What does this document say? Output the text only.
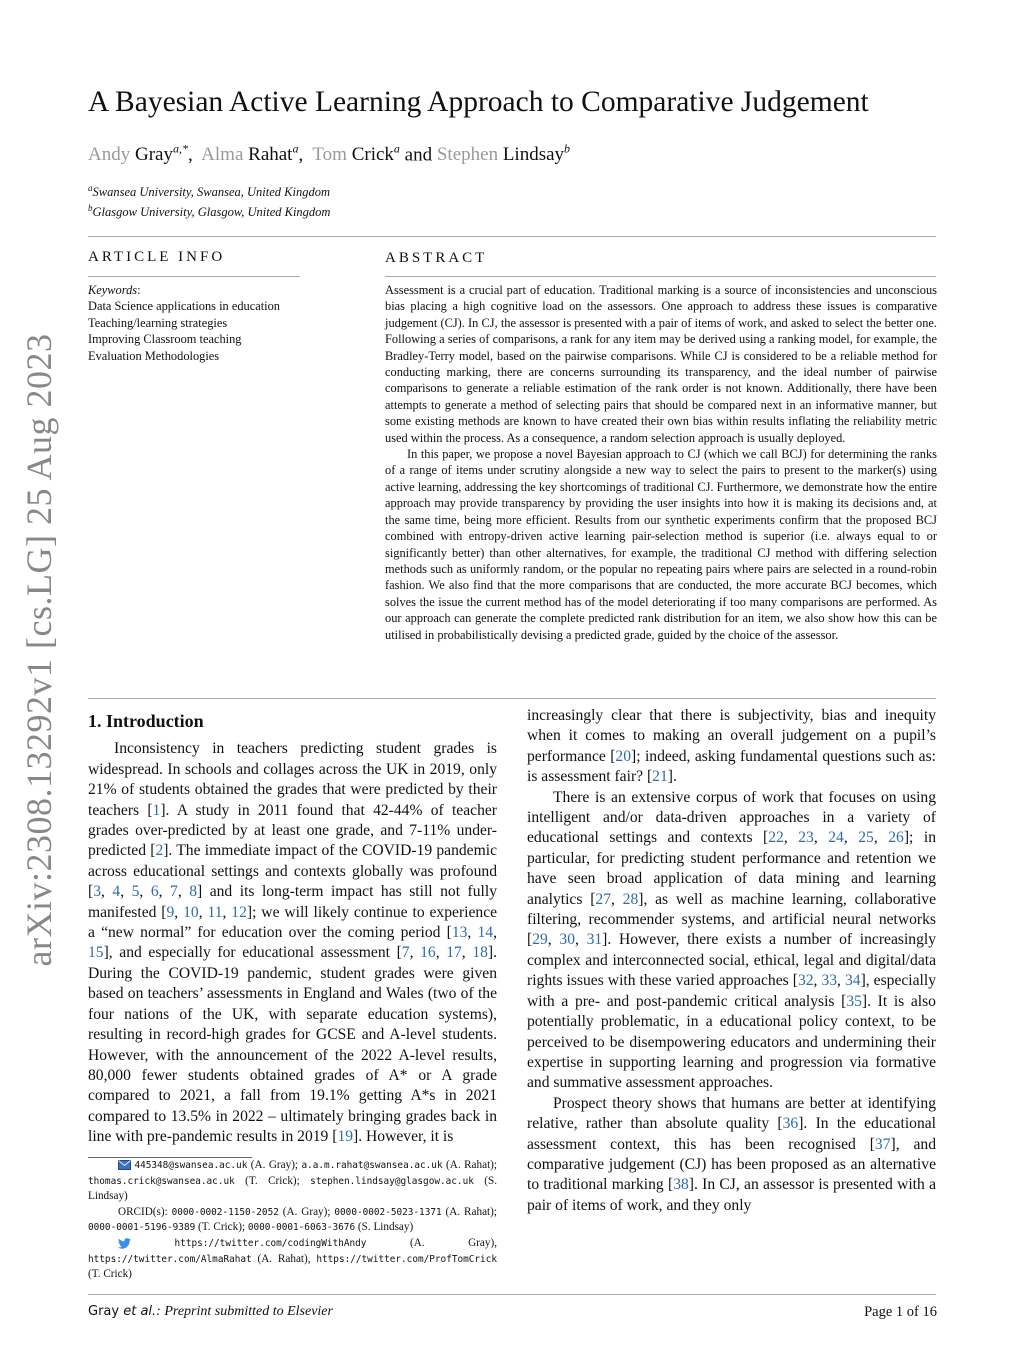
arXiv:2308.13292v1 [cs.LG] 25 Aug 2023
A Bayesian Active Learning Approach to Comparative Judgement
Andy Gray$^{a,*}$,  Alma Rahat$^a$,  Tom Crick$^a$ and Stephen Lindsay$^b$
$^a$Swansea University, Swansea, United Kingdom
$^b$Glasgow University, Glasgow, United Kingdom
ARTICLE INFO	ABSTRACT
Keywords:
Data Science applications in education
Teaching/learning strategies
Improving Classroom teaching
Evaluation Methodologies

Assessment is a crucial part of education. Traditional marking is a source of inconsistencies and unconscious bias placing a high cognitive load on the assessors. One approach to address these issues is comparative judgement (CJ). In CJ, the assessor is presented with a pair of items of work, and asked to select the better one. Following a series of comparisons, a rank for any item may be derived using a ranking model, for example, the Bradley-Terry model, based on the pairwise comparisons. While CJ is considered to be a reliable method for conducting marking, there are concerns surrounding its transparency, and the ideal number of pairwise comparisons to generate a reliable estimation of the rank order is not known. Additionally, there have been attempts to generate a method of selecting pairs that should be compared next in an informative manner, but some existing methods are known to have created their own bias within results inflating the reliability metric used within the process. As a consequence, a random selection approach is usually deployed.

In this paper, we propose a novel Bayesian approach to CJ (which we call BCJ) for determining the ranks of a range of items under scrutiny alongside a new way to select the pairs to present to the marker(s) using active learning, addressing the key shortcomings of traditional CJ. Furthermore, we demonstrate how the entire approach may provide transparency by providing the user insights into how it is making its decisions and, at the same time, being more efficient. Results from our synthetic experiments confirm that the proposed BCJ combined with entropy-driven active learning pair-selection method is superior (i.e. always equal to or significantly better) than other alternatives, for example, the traditional CJ method with differing selection methods such as uniformly random, or the popular no repeating pairs where pairs are selected in a round-robin fashion. We also find that the more comparisons that are conducted, the more accurate BCJ becomes, which solves the issue the current method has of the model deteriorating if too many comparisons are performed. As our approach can generate the complete predicted rank distribution for an item, we also show how this can be utilised in probabilistically devising a predicted grade, guided by the choice of the assessor.

1. Introduction

Inconsistency in teachers predicting student grades is widespread. In schools and collages across the UK in 2019, only 21% of students obtained the grades that were predicted by their teachers [1]. A study in 2011 found that 42-44% of teacher grades over-predicted by at least one grade, and 7-11% under-predicted [2]. The immediate impact of the COVID-19 pandemic across educational settings and contexts globally was profound [3, 4, 5, 6, 7, 8] and its long-term impact has still not fully manifested [9, 10, 11, 12]; we will likely continue to experience a “new normal” for education over the coming period [13, 14, 15], and especially for educational assessment [7, 16, 17, 18]. During the COVID-19 pandemic, student grades were given based on teachers’ assessments in England and Wales (two of the four nations of the UK, with separate education systems), resulting in record-high grades for GCSE and A-level students. However, with the announcement of the 2022 A-level results, 80,000 fewer students obtained grades of A* or A grade compared to 2021, a fall from 19.1% getting A*s in 2021 compared to 13.5% in 2022 – ultimately bringing grades back in line with pre-pandemic results in 2019 [19]. However, it is

445348@swansea.ac.uk (A. Gray); a.a.m.rahat@swansea.ac.uk (A. Rahat); thomas.crick@swansea.ac.uk (T. Crick); stephen.lindsay@glasgow.ac.uk (S. Lindsay)

ORCID(s): 0000-0002-1150-2052 (A. Gray); 0000-0002-5023-1371 (A. Rahat); 0000-0001-5196-9389 (T. Crick); 0000-0001-6063-3676 (S. Lindsay)

https://twitter.com/codingWithAndy (A. Gray), https://twitter.com/AlmaRahat (A. Rahat), https://twitter.com/ProfTomCrick (T. Crick)

increasingly clear that there is subjectivity, bias and inequity when it comes to making an overall judgement on a pupil’s performance [20]; indeed, asking fundamental questions such as: is assessment fair? [21].

There is an extensive corpus of work that focuses on using intelligent and/or data-driven approaches in a variety of educational settings and contexts [22, 23, 24, 25, 26]; in particular, for predicting student performance and retention we have seen broad application of data mining and learning analytics [27, 28], as well as machine learning, collaborative filtering, recommender systems, and artificial neural networks [29, 30, 31]. However, there exists a number of increasingly complex and interconnected social, ethical, legal and digital/data rights issues with these varied approaches [32, 33, 34], especially with a pre- and post-pandemic critical analysis [35]. It is also potentially problematic, in a educational policy context, to be perceived to be disempowering educators and undermining their expertise in supporting learning and progression via formative and summative assessment approaches.

Prospect theory shows that humans are better at identifying relative, rather than absolute quality [36]. In the educational assessment context, this has been recognised [37], and comparative judgement (CJ) has been proposed as an alternative to traditional marking [38]. In CJ, an assessor is presented with a pair of items of work, and they only

Gray et al.: Preprint submitted to Elsevier	Page 1 of 16
